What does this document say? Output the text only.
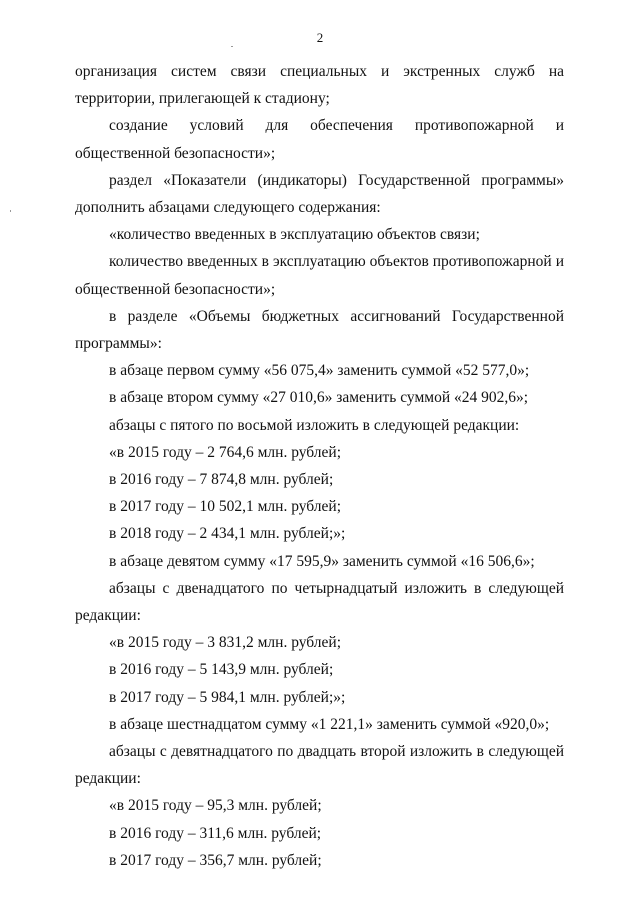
2

организация систем связи специальных и экстренных служб на территории, прилегающей к стадиону;

создание условий для обеспечения противопожарной и общественной безопасности»;

раздел «Показатели (индикаторы) Государственной программы» дополнить абзацами следующего содержания:

«количество введенных в эксплуатацию объектов связи;

количество введенных в эксплуатацию объектов противопожарной и общественной безопасности»;

в разделе «Объемы бюджетных ассигнований Государственной программы»:

в абзаце первом сумму «56 075,4» заменить суммой «52 577,0»;

в абзаце втором сумму «27 010,6» заменить суммой «24 902,6»;

абзацы с пятого по восьмой изложить в следующей редакции:

«в 2015 году – 2 764,6 млн. рублей;

в 2016 году – 7 874,8 млн. рублей;

в 2017 году – 10 502,1 млн. рублей;

в 2018 году – 2 434,1 млн. рублей;»;

в абзаце девятом сумму «17 595,9» заменить суммой «16 506,6»;

абзацы с двенадцатого по четырнадцатый изложить в следующей редакции:

«в 2015 году – 3 831,2 млн. рублей;

в 2016 году – 5 143,9 млн. рублей;

в 2017 году – 5 984,1 млн. рублей;»;

в абзаце шестнадцатом сумму «1 221,1» заменить суммой «920,0»;

абзацы с девятнадцатого по двадцать второй изложить в следующей редакции:

«в 2015 году – 95,3 млн. рублей;

в 2016 году – 311,6 млн. рублей;

в 2017 году – 356,7 млн. рублей;
